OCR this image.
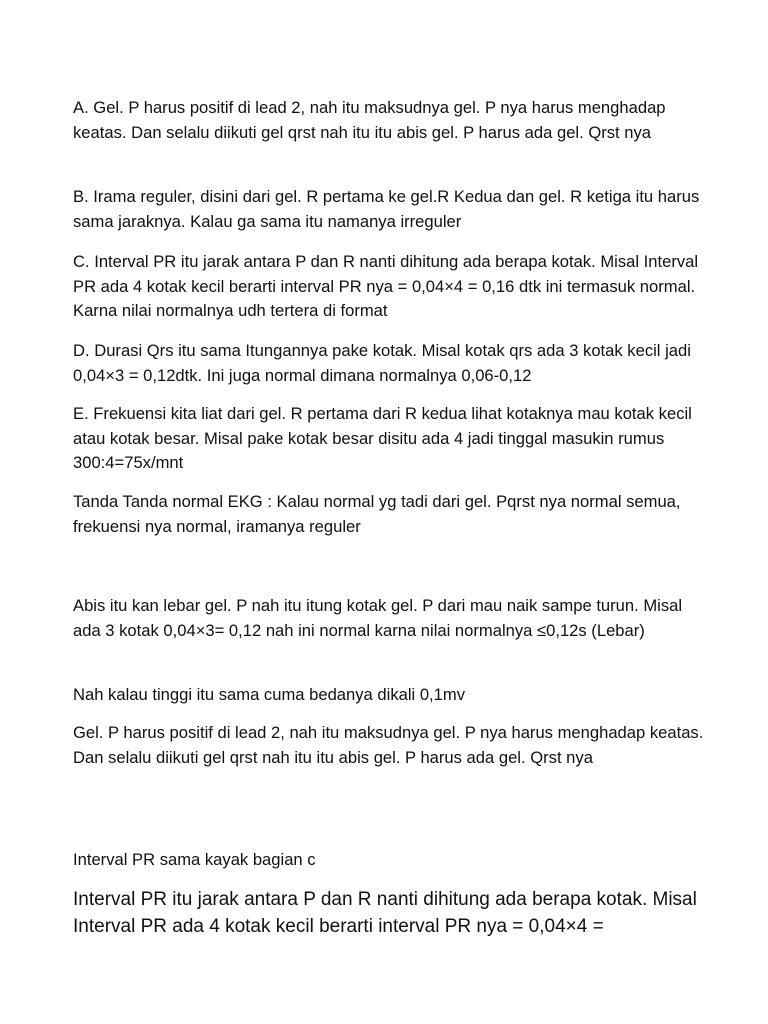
A. Gel. P harus positif di lead 2, nah itu maksudnya gel. P nya harus menghadap keatas. Dan selalu diikuti gel qrst nah itu itu abis gel. P harus ada gel. Qrst nya

B. Irama reguler, disini dari gel. R pertama ke gel.R Kedua dan gel. R ketiga itu harus sama jaraknya. Kalau ga sama itu namanya irreguler

C. Interval PR itu jarak antara P dan R nanti dihitung ada berapa kotak. Misal Interval PR ada 4 kotak kecil berarti interval PR nya = 0,04×4 = 0,16 dtk ini termasuk normal. Karna nilai normalnya udh tertera di format

D. Durasi Qrs itu sama Itungannya pake kotak. Misal kotak qrs ada 3 kotak kecil jadi 0,04×3 = 0,12dtk. Ini juga normal dimana normalnya 0,06-0,12

E. Frekuensi kita liat dari gel. R pertama dari R kedua lihat kotaknya mau kotak kecil atau kotak besar. Misal pake kotak besar disitu ada 4 jadi tinggal masukin rumus 300:4=75x/mnt

Tanda Tanda normal EKG : Kalau normal yg tadi dari gel. Pqrst nya normal semua, frekuensi nya normal, iramanya reguler

Abis itu kan lebar gel. P nah itu itung kotak gel. P dari mau naik sampe turun. Misal ada 3 kotak 0,04×3= 0,12 nah ini normal karna nilai normalnya ≤0,12s (Lebar)

Nah kalau tinggi itu sama cuma bedanya dikali 0,1mv

Gel. P harus positif di lead 2, nah itu maksudnya gel. P nya harus menghadap keatas. Dan selalu diikuti gel qrst nah itu itu abis gel. P harus ada gel. Qrst nya

Interval PR sama kayak bagian c

Interval PR itu jarak antara P dan R nanti dihitung ada berapa kotak. Misal Interval PR ada 4 kotak kecil berarti interval PR nya = 0,04×4 =
